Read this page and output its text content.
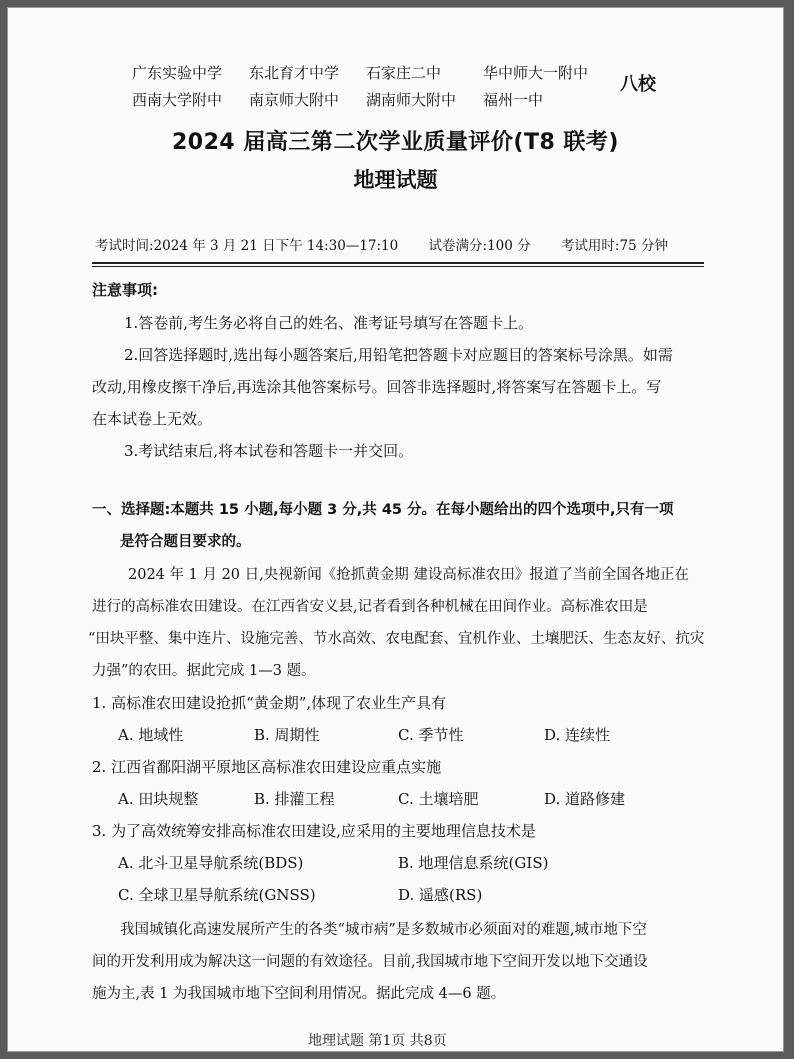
广东实验中学	东北育才中学	石家庄二中	华中师大一附中
西南大学附中	南京师大附中	湖南师大附中	福州一中
八校
2024 届高三第二次学业质量评价(T8 联考)
地理试题
考试时间:2024 年 3 月 21 日下午 14:30—17:10 试卷满分:100 分 考试用时:75 分钟
注意事项:
1.答卷前,考生务必将自己的姓名、准考证号填写在答题卡上。
2.回答选择题时,选出每小题答案后,用铅笔把答题卡对应题目的答案标号涂黑。如需
改动,用橡皮擦干净后,再选涂其他答案标号。回答非选择题时,将答案写在答题卡上。写
在本试卷上无效。
3.考试结束后,将本试卷和答题卡一并交回。
一、选择题:本题共 15 小题,每小题 3 分,共 45 分。在每小题给出的四个选项中,只有一项
是符合题目要求的。
2024 年 1 月 20 日,央视新闻《抢抓黄金期 建设高标准农田》报道了当前全国各地正在
进行的高标准农田建设。在江西省安义县,记者看到各种机械在田间作业。高标准农田是
“田块平整、集中连片、设施完善、节水高效、农电配套、宜机作业、土壤肥沃、生态友好、抗灾
力强”的农田。据此完成 1—3 题。
1. 高标准农田建设抢抓“黄金期”,体现了农业生产具有
A. 地域性	B. 周期性	C. 季节性	D. 连续性
2. 江西省鄱阳湖平原地区高标准农田建设应重点实施
A. 田块规整	B. 排灌工程	C. 土壤培肥	D. 道路修建
3. 为了高效统筹安排高标准农田建设,应采用的主要地理信息技术是
A. 北斗卫星导航系统(BDS)	B. 地理信息系统(GIS)
C. 全球卫星导航系统(GNSS)	D. 遥感(RS)
我国城镇化高速发展所产生的各类“城市病”是多数城市必须面对的难题,城市地下空
间的开发利用成为解决这一问题的有效途径。目前,我国城市地下空间开发以地下交通设
施为主,表 1 为我国城市地下空间利用情况。据此完成 4—6 题。
地理试题 第1页 共8页
